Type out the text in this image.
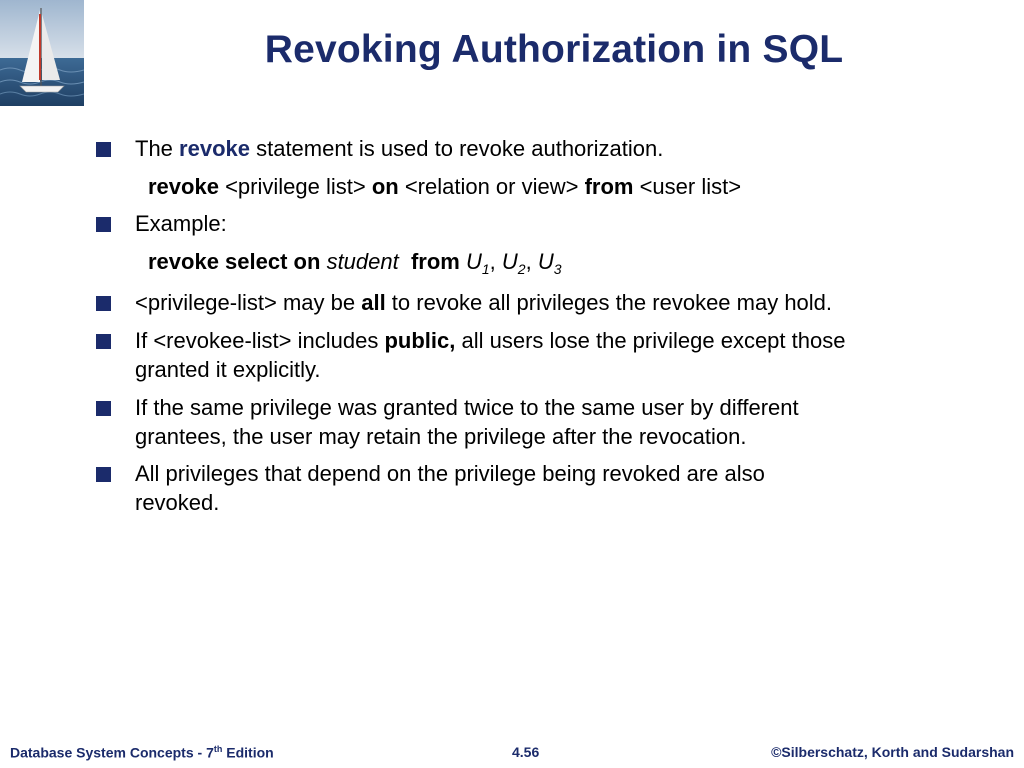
Revoking Authorization in SQL
The revoke statement is used to revoke authorization.
revoke <privilege list> on <relation or view> from <user list>
Example:
revoke select on student from $U_1$, $U_2$, $U_3$
<privilege-list> may be all to revoke all privileges the revokee may hold.
If <revokee-list> includes public, all users lose the privilege except those
granted it explicitly.
If the same privilege was granted twice to the same user by different
grantees, the user may retain the privilege after the revocation.
All privileges that depend on the privilege being revoked are also
revoked.
Database System Concepts - 7th Edition	4.56	©Silberschatz, Korth and Sudarshan
